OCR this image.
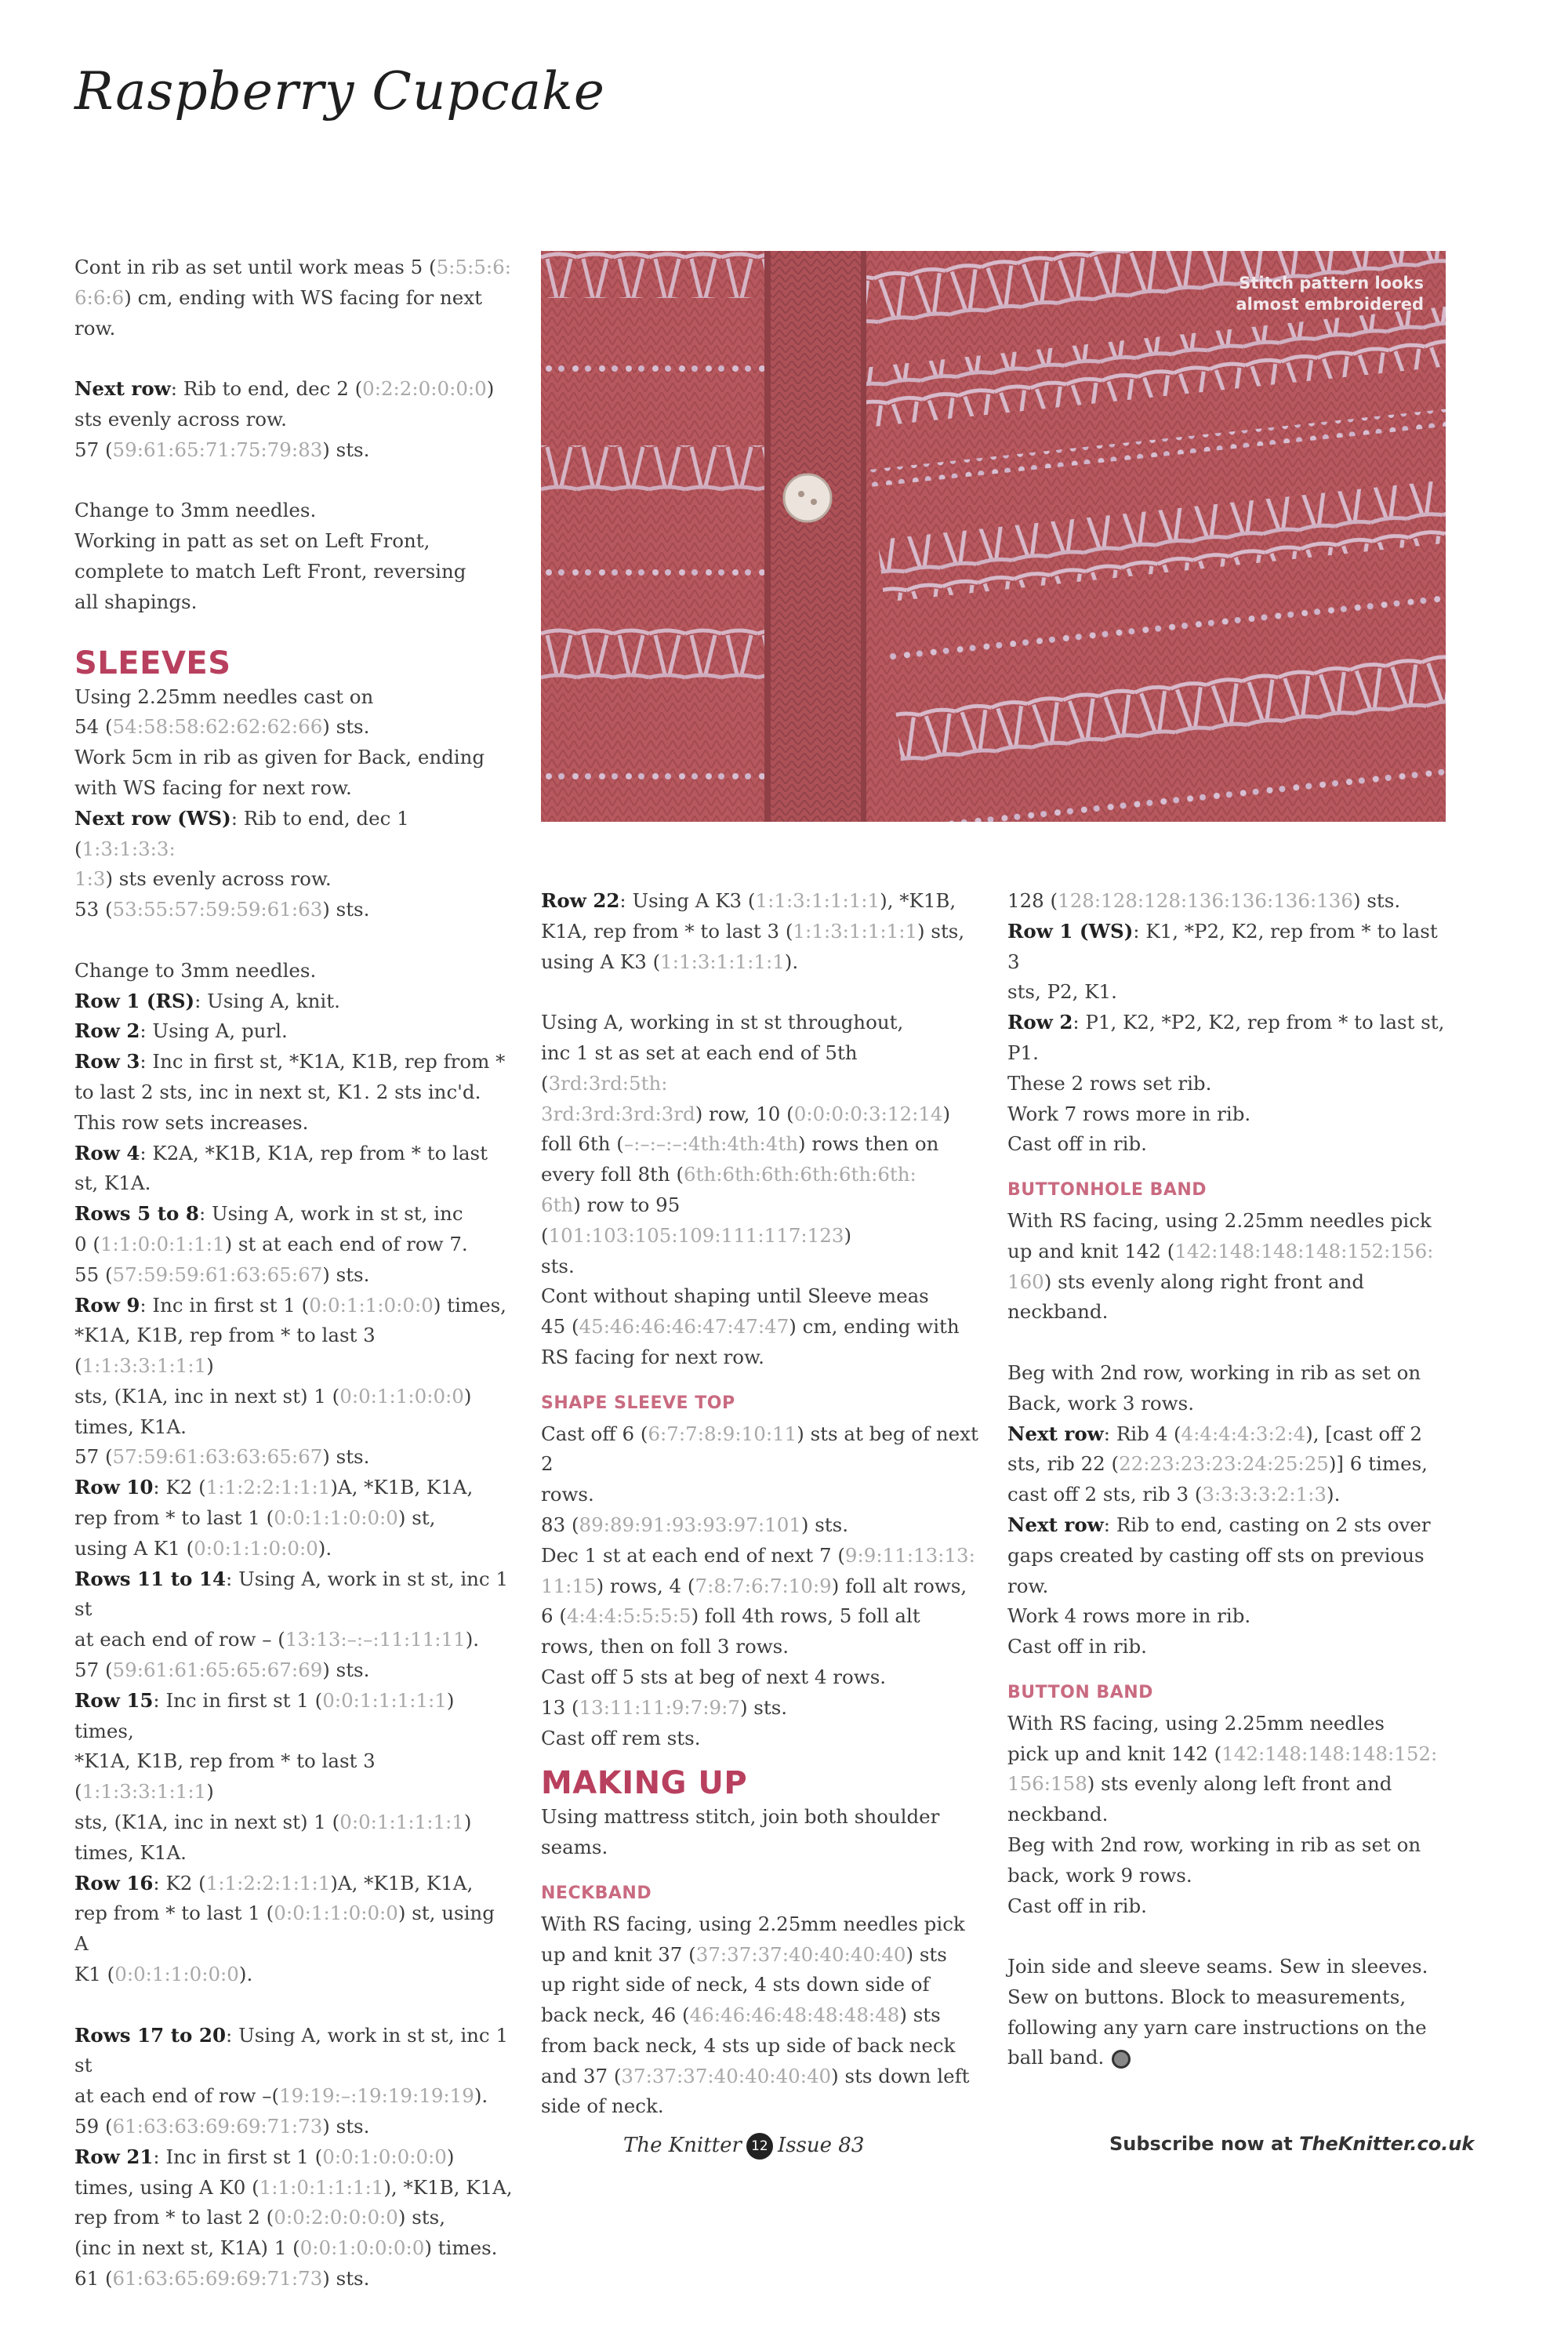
Raspberry Cupcake

Cont in rib as set until work meas 5 (5:5:5:6:
6:6:6) cm, ending with WS facing for next
row.

Next row: Rib to end, dec 2 (0:2:2:0:0:0:0)
sts evenly across row.
57 (59:61:65:71:75:79:83) sts.

Change to 3mm needles.
Working in patt as set on Left Front,
complete to match Left Front, reversing
all shapings.

SLEEVES

Using 2.25mm needles cast on
54 (54:58:58:62:62:62:66) sts.
Work 5cm in rib as given for Back, ending
with WS facing for next row.
Next row (WS): Rib to end, dec 1 (1:3:1:3:3:
1:3) sts evenly across row.
53 (53:55:57:59:59:61:63) sts.

Change to 3mm needles.
Row 1 (RS): Using A, knit.
Row 2: Using A, purl.
Row 3: Inc in first st, *K1A, K1B, rep from *
to last 2 sts, inc in next st, K1. 2 sts inc'd.
This row sets increases.
Row 4: K2A, *K1B, K1A, rep from * to last
st, K1A.
Rows 5 to 8: Using A, work in st st, inc
0 (1:1:0:0:1:1:1) st at each end of row 7.
55 (57:59:59:61:63:65:67) sts.
Row 9: Inc in first st 1 (0:0:1:1:0:0:0) times,
*K1A, K1B, rep from * to last 3 (1:1:3:3:1:1:1)
sts, (K1A, inc in next st) 1 (0:0:1:1:0:0:0)
times, K1A.
57 (57:59:61:63:63:65:67) sts.
Row 10: K2 (1:1:2:2:1:1:1)A, *K1B, K1A,
rep from * to last 1 (0:0:1:1:0:0:0) st,
using A K1 (0:0:1:1:0:0:0).
Rows 11 to 14: Using A, work in st st, inc 1 st
at each end of row – (13:13:–:–:11:11:11).
57 (59:61:61:65:65:67:69) sts.
Row 15: Inc in first st 1 (0:0:1:1:1:1:1) times,
*K1A, K1B, rep from * to last 3 (1:1:3:3:1:1:1)
sts, (K1A, inc in next st) 1 (0:0:1:1:1:1:1)
times, K1A.
Row 16: K2 (1:1:2:2:1:1:1)A, *K1B, K1A,
rep from * to last 1 (0:0:1:1:0:0:0) st, using A
K1 (0:0:1:1:0:0:0).

Rows 17 to 20: Using A, work in st st, inc 1 st
at each end of row –(19:19:–:19:19:19:19).
59 (61:63:63:69:69:71:73) sts.
Row 21: Inc in first st 1 (0:0:1:0:0:0:0)
times, using A K0 (1:1:0:1:1:1:1), *K1B, K1A,
rep from * to last 2 (0:0:2:0:0:0:0) sts,
(inc in next st, K1A) 1 (0:0:1:0:0:0:0) times.
61 (61:63:65:69:69:71:73) sts.

Stitch pattern looks
almost embroidered

Row 22: Using A K3 (1:1:3:1:1:1:1), *K1B,
K1A, rep from * to last 3 (1:1:3:1:1:1:1) sts,
using A K3 (1:1:3:1:1:1:1).

Using A, working in st st throughout,
inc 1 st as set at each end of 5th (3rd:3rd:5th:
3rd:3rd:3rd:3rd) row, 10 (0:0:0:0:3:12:14)
foll 6th (–:–:–:–:4th:4th:4th) rows then on
every foll 8th (6th:6th:6th:6th:6th:6th:
6th) row to 95 (101:103:105:109:111:117:123)
sts.
Cont without shaping until Sleeve meas
45 (45:46:46:46:47:47:47) cm, ending with
RS facing for next row.

SHAPE SLEEVE TOP

Cast off 6 (6:7:7:8:9:10:11) sts at beg of next 2
rows.
83 (89:89:91:93:93:97:101) sts.
Dec 1 st at each end of next 7 (9:9:11:13:13:
11:15) rows, 4 (7:8:7:6:7:10:9) foll alt rows,
6 (4:4:4:5:5:5:5) foll 4th rows, 5 foll alt
rows, then on foll 3 rows.
Cast off 5 sts at beg of next 4 rows.
13 (13:11:11:9:7:9:7) sts.
Cast off rem sts.

MAKING UP

Using mattress stitch, join both shoulder
seams.

NECKBAND

With RS facing, using 2.25mm needles pick
up and knit 37 (37:37:37:40:40:40:40) sts
up right side of neck, 4 sts down side of
back neck, 46 (46:46:46:48:48:48:48) sts
from back neck, 4 sts up side of back neck
and 37 (37:37:37:40:40:40:40) sts down left
side of neck.

128 (128:128:128:136:136:136:136) sts.
Row 1 (WS): K1, *P2, K2, rep from * to last 3
sts, P2, K1.
Row 2: P1, K2, *P2, K2, rep from * to last st,
P1.
These 2 rows set rib.
Work 7 rows more in rib.
Cast off in rib.

BUTTONHOLE BAND

With RS facing, using 2.25mm needles pick
up and knit 142 (142:148:148:148:152:156:
160) sts evenly along right front and
neckband.

Beg with 2nd row, working in rib as set on
Back, work 3 rows.
Next row: Rib 4 (4:4:4:4:3:2:4), [cast off 2
sts, rib 22 (22:23:23:23:24:25:25)] 6 times,
cast off 2 sts, rib 3 (3:3:3:3:2:1:3).
Next row: Rib to end, casting on 2 sts over
gaps created by casting off sts on previous
row.
Work 4 rows more in rib.
Cast off in rib.

BUTTON BAND

With RS facing, using 2.25mm needles
pick up and knit 142 (142:148:148:148:152:
156:158) sts evenly along left front and
neckband.
Beg with 2nd row, working in rib as set on
back, work 9 rows.
Cast off in rib.

Join side and sleeve seams. Sew in sleeves.
Sew on buttons. Block to measurements,
following any yarn care instructions on the
ball band.

The Knitter 12 Issue 83	Subscribe now at TheKnitter.co.uk
